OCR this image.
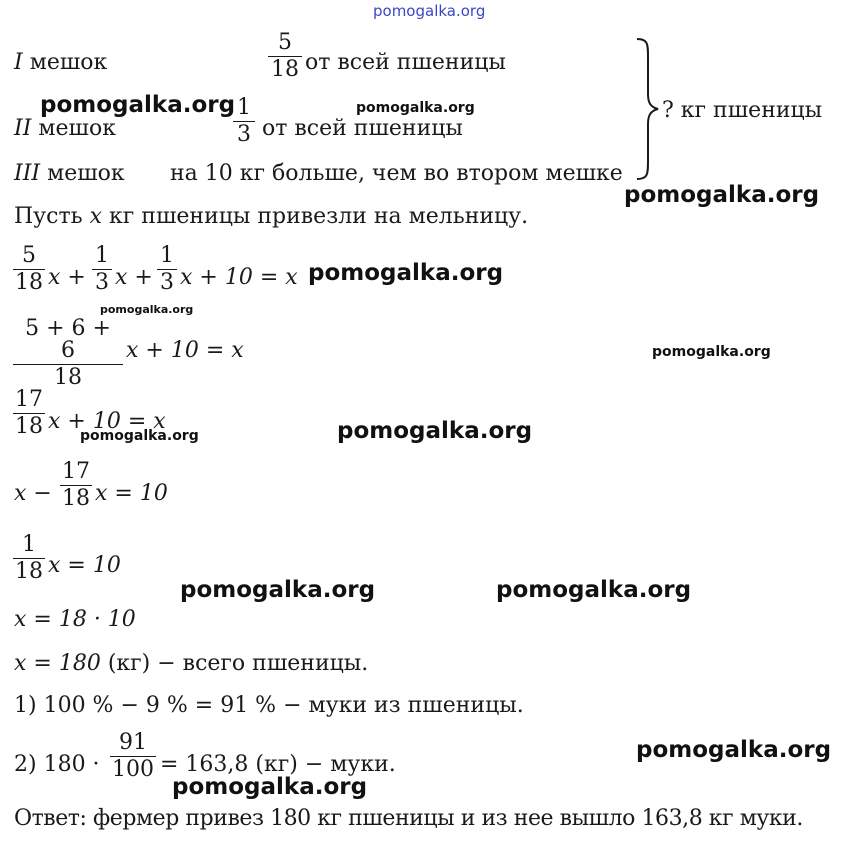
pomogalka.org
I мешок
5
18 от всей пшеницы
II мешок
1
3 от всей пшеницы
III мешок на 10 кг больше, чем во втором мешке
? кг пшеницы
Пусть x кг пшеницы привезли на мельницу.
5
18 x +
1
3 x +
1
3 x + 10 = x
5 + 6 + 6
18
x + 10 = x
17
18 x + 10 = x
x −
17
18 x = 10
1
18 x = 10
x = 18 · 10
x = 180 (кг) − всего пшеницы.
1) 100 % − 9 % = 91 % − муки из пшеницы.
2) 180 ·
91
100 = 163,8 (кг) − муки.
Ответ: фермер привез 180 кг пшеницы и из нее вышло 163,8 кг муки.
pomogalka.org	pomogalka.org
pomogalka.org
pomogalka.org
pomogalka.org
pomogalka.org
pomogalka.org	pomogalka.org
pomogalka.org	pomogalka.org
pomogalka.org
pomogalka.org
